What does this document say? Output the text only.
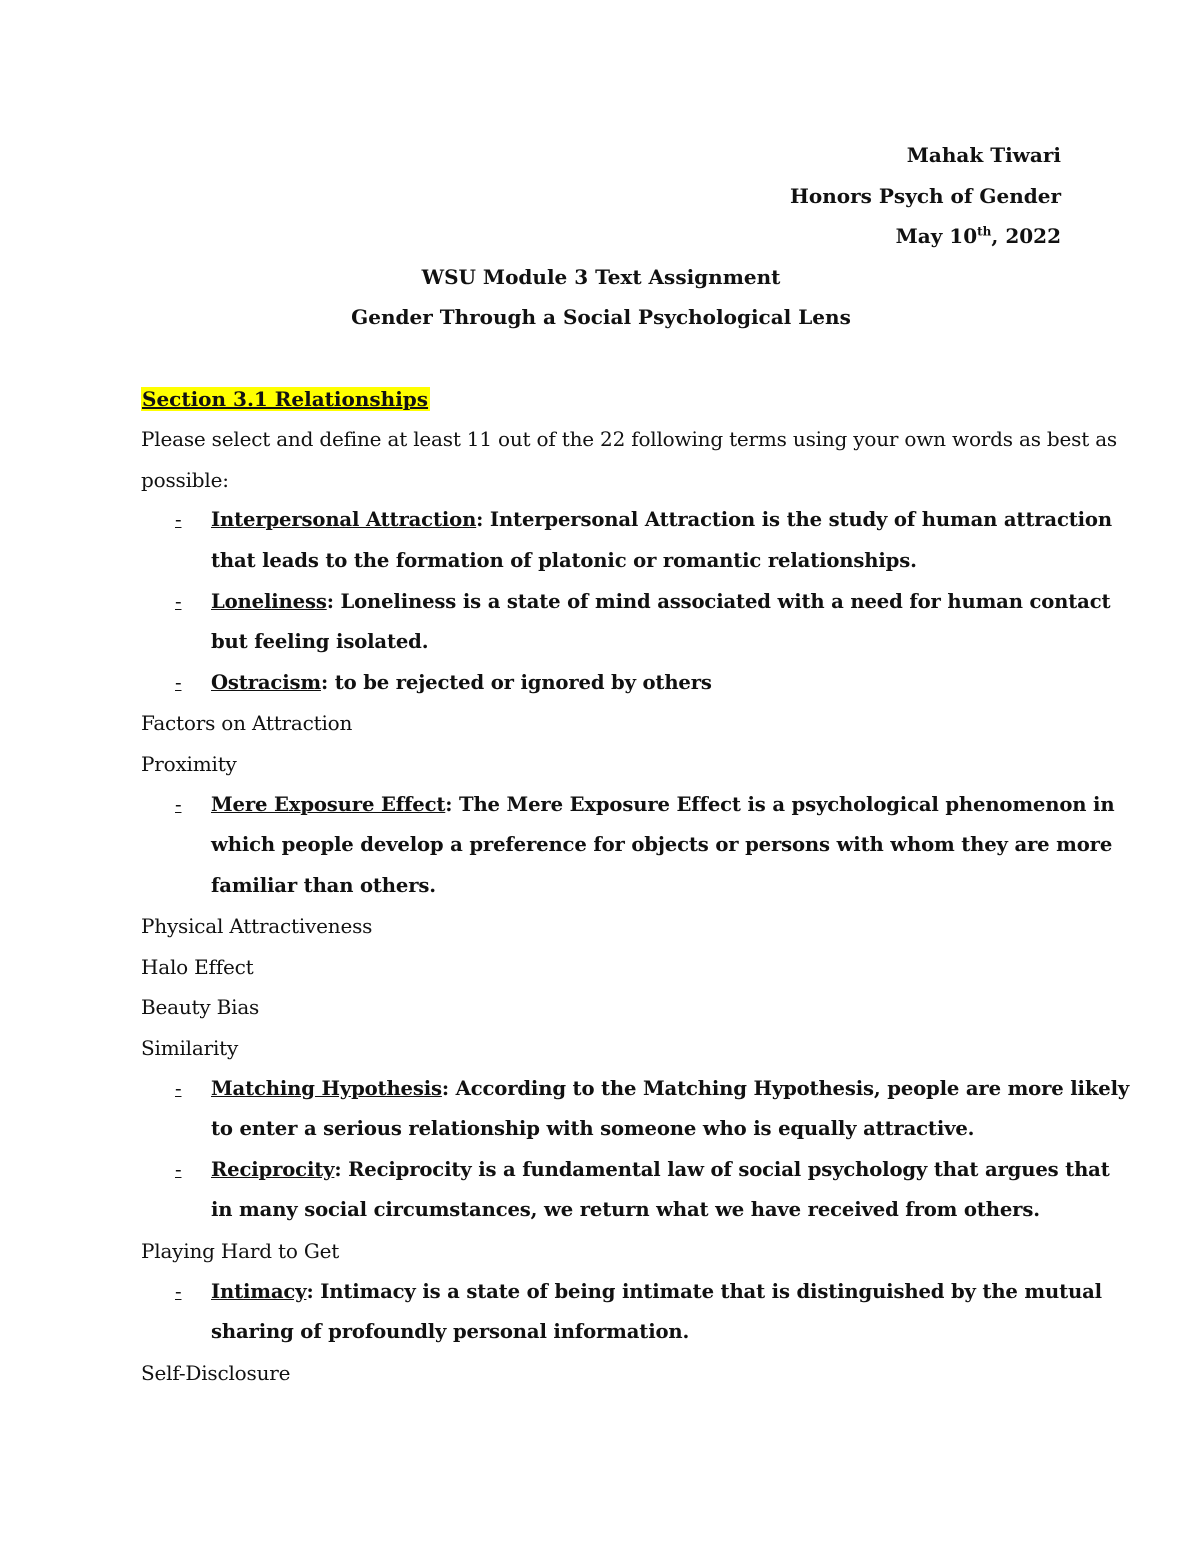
Mahak Tiwari
Honors Psych of Gender
May 10th, 2022
WSU Module 3 Text Assignment
Gender Through a Social Psychological Lens
Section 3.1 Relationships
Please select and define at least 11 out of the 22 following terms using your own words as best as
possible:
-	Interpersonal Attraction: Interpersonal Attraction is the study of human attraction
that leads to the formation of platonic or romantic relationships.
-	Loneliness: Loneliness is a state of mind associated with a need for human contact
but feeling isolated.
-	Ostracism: to be rejected or ignored by others
Factors on Attraction
Proximity
-	Mere Exposure Effect: The Mere Exposure Effect is a psychological phenomenon in
which people develop a preference for objects or persons with whom they are more
familiar than others.
Physical Attractiveness
Halo Effect
Beauty Bias
Similarity
-	Matching Hypothesis: According to the Matching Hypothesis, people are more likely
to enter a serious relationship with someone who is equally attractive.
-	Reciprocity: Reciprocity is a fundamental law of social psychology that argues that
in many social circumstances, we return what we have received from others.
Playing Hard to Get
-	Intimacy: Intimacy is a state of being intimate that is distinguished by the mutual
sharing of profoundly personal information.
Self-Disclosure
